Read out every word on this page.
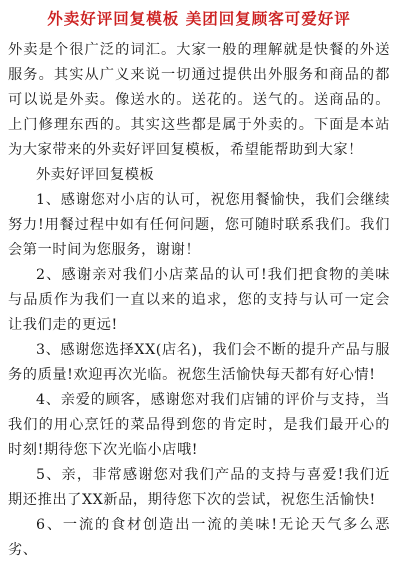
外卖好评回复模板 美团回复顾客可爱好评

外卖是个很广泛的词汇。大家一般的理解就是快餐的外送服务。其实从广义来说一切通过提供出外服务和商品的都可以说是外卖。像送水的。送花的。送气的。送商品的。上门修理东西的。其实这些都是属于外卖的。下面是本站为大家带来的外卖好评回复模板，希望能帮助到大家！

外卖好评回复模板

1、感谢您对小店的认可，祝您用餐愉快，我们会继续努力!用餐过程中如有任何问题，您可随时联系我们。我们会第一时间为您服务，谢谢！

2、感谢亲对我们小店菜品的认可!我们把食物的美味与品质作为我们一直以来的追求，您的支持与认可一定会让我们走的更远!

3、感谢您选择XX(店名)，我们会不断的提升产品与服务的质量!欢迎再次光临。祝您生活愉快每天都有好心情!

4、亲爱的顾客，感谢您对我们店铺的评价与支持，当我们的用心烹饪的菜品得到您的肯定时，是我们最开心的时刻!期待您下次光临小店哦!

5、亲，非常感谢您对我们产品的支持与喜爱!我们近期还推出了XX新品，期待您下次的尝试，祝您生活愉快!

6、一流的食材创造出一流的美味!无论天气多么恶劣、
